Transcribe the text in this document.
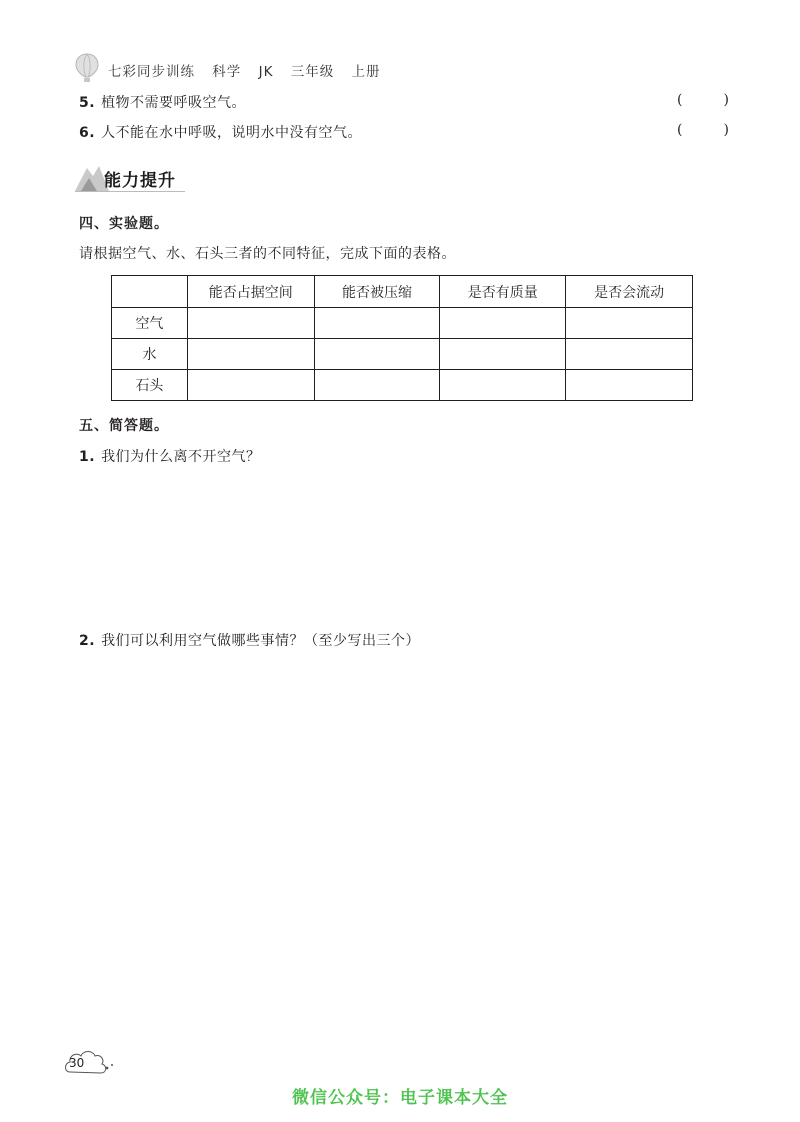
七彩同步训练 科学 JK 三年级 上册
5. 植物不需要呼吸空气。	(	)
6. 人不能在水中呼吸，说明水中没有空气。	(	)
能力提升
四、实验题。
请根据空气、水、石头三者的不同特征，完成下面的表格。
	能否占据空间	能否被压缩	是否有质量	是否会流动
空气				
水				
石头				
五、简答题。
1. 我们为什么离不开空气？
2. 我们可以利用空气做哪些事情？（至少写出三个）
30
微信公众号：电子课本大全
